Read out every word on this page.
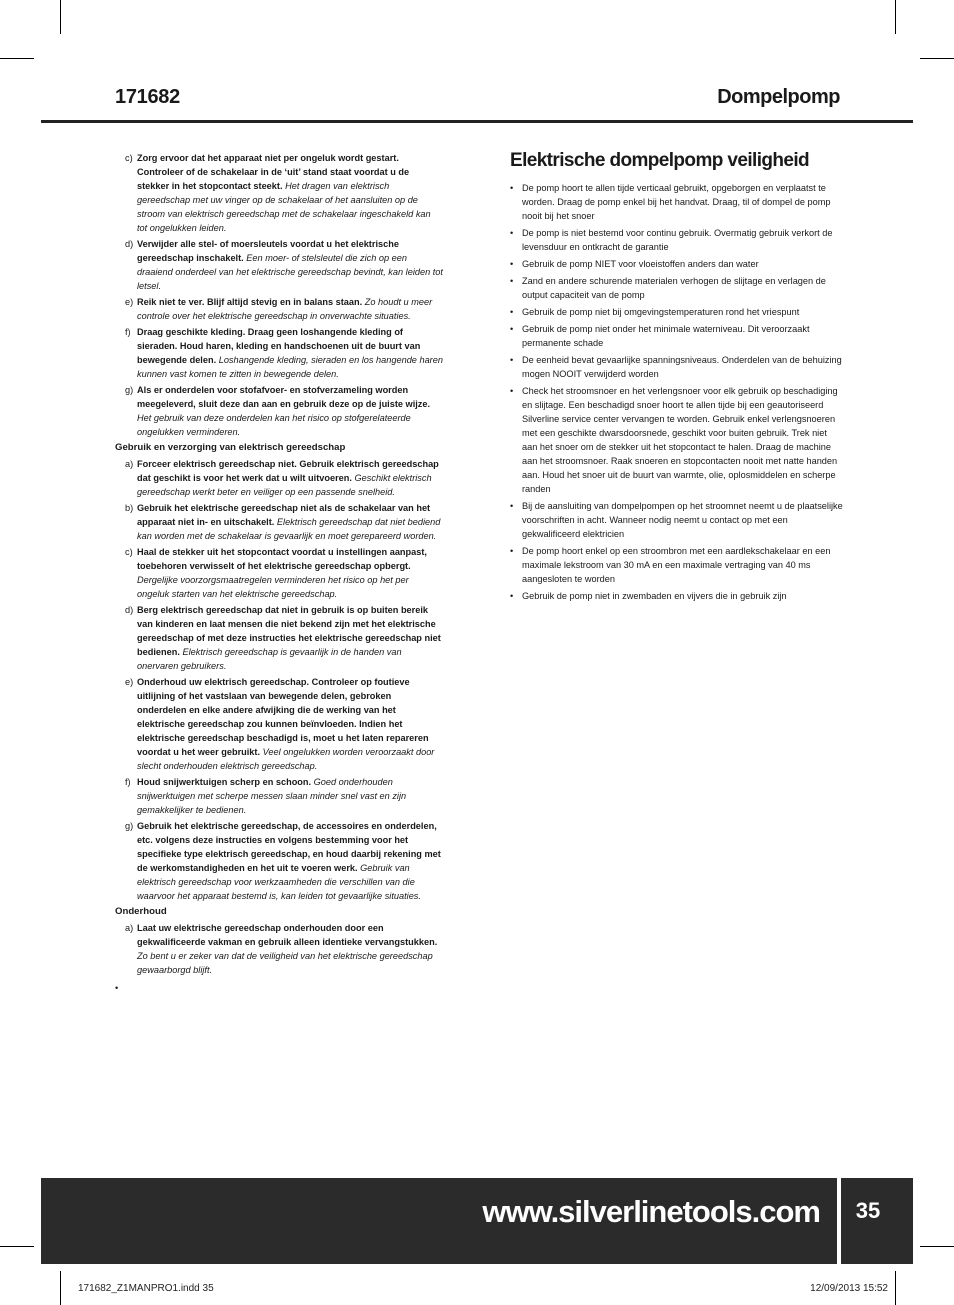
171682	Dompelpomp
c) Zorg ervoor dat het apparaat niet per ongeluk wordt gestart. Controleer of de schakelaar in de ‘uit’ stand staat voordat u de stekker in het stopcontact steekt. Het dragen van elektrisch gereedschap met uw vinger op de schakelaar of het aansluiten op de stroom van elektrisch gereedschap met de schakelaar ingeschakeld kan tot ongelukken leiden.
d) Verwijder alle stel- of moersleutels voordat u het elektrische gereedschap inschakelt. Een moer- of stelsleutel die zich op een draaiend onderdeel van het elektrische gereedschap bevindt, kan leiden tot letsel.
e) Reik niet te ver. Blijf altijd stevig en in balans staan. Zo houdt u meer controle over het elektrische gereedschap in onverwachte situaties.
f) Draag geschikte kleding. Draag geen loshangende kleding of sieraden. Houd haren, kleding en handschoenen uit de buurt van bewegende delen. Loshangende kleding, sieraden en los hangende haren kunnen vast komen te zitten in bewegende delen.
g) Als er onderdelen voor stofafvoer- en stofverzameling worden meegeleverd, sluit deze dan aan en gebruik deze op de juiste wijze. Het gebruik van deze onderdelen kan het risico op stofgerelateerde ongelukken verminderen.
Gebruik en verzorging van elektrisch gereedschap
a) Forceer elektrisch gereedschap niet. Gebruik elektrisch gereedschap dat geschikt is voor het werk dat u wilt uitvoeren. Geschikt elektrisch gereedschap werkt beter en veiliger op een passende snelheid.
b) Gebruik het elektrische gereedschap niet als de schakelaar van het apparaat niet in- en uitschakelt. Elektrisch gereedschap dat niet bediend kan worden met de schakelaar is gevaarlijk en moet gerepareerd worden.
c) Haal de stekker uit het stopcontact voordat u instellingen aanpast, toebehoren verwisselt of het elektrische gereedschap opbergt. Dergelijke voorzorgsmaatregelen verminderen het risico op het per ongeluk starten van het elektrische gereedschap.
d) Berg elektrisch gereedschap dat niet in gebruik is op buiten bereik van kinderen en laat mensen die niet bekend zijn met het elektrische gereedschap of met deze instructies het elektrische gereedschap niet bedienen. Elektrisch gereedschap is gevaarlijk in de handen van onervaren gebruikers.
e) Onderhoud uw elektrisch gereedschap. Controleer op foutieve uitlijning of het vastslaan van bewegende delen, gebroken onderdelen en elke andere afwijking die de werking van het elektrische gereedschap zou kunnen beïnvloeden. Indien het elektrische gereedschap beschadigd is, moet u het laten repareren voordat u het weer gebruikt. Veel ongelukken worden veroorzaakt door slecht onderhouden elektrisch gereedschap.
f) Houd snijwerktuigen scherp en schoon. Goed onderhouden snijwerktuigen met scherpe messen slaan minder snel vast en zijn gemakkelijker te bedienen.
g) Gebruik het elektrische gereedschap, de accessoires en onderdelen, etc. volgens deze instructies en volgens bestemming voor het specifieke type elektrisch gereedschap, en houd daarbij rekening met de werkomstandigheden en het uit te voeren werk. Gebruik van elektrisch gereedschap voor werkzaamheden die verschillen van die waarvoor het apparaat bestemd is, kan leiden tot gevaarlijke situaties.
Onderhoud
a) Laat uw elektrische gereedschap onderhouden door een gekwalificeerde vakman en gebruik alleen identieke vervangstukken. Zo bent u er zeker van dat de veiligheid van het elektrische gereedschap gewaarborgd blijft.
•
Elektrische dompelpomp veiligheid
• De pomp hoort te allen tijde verticaal gebruikt, opgeborgen en verplaatst te worden. Draag de pomp enkel bij het handvat. Draag, til of dompel de pomp nooit bij het snoer
• De pomp is niet bestemd voor continu gebruik. Overmatig gebruik verkort de levensduur en ontkracht de garantie
• Gebruik de pomp NIET voor vloeistoffen anders dan water
• Zand en andere schurende materialen verhogen de slijtage en verlagen de output capaciteit van de pomp
• Gebruik de pomp niet bij omgevingstemperaturen rond het vriespunt
• Gebruik de pomp niet onder het minimale waterniveau. Dit veroorzaakt permanente schade
• De eenheid bevat gevaarlijke spanningsniveaus. Onderdelen van de behuizing mogen NOOIT verwijderd worden
• Check het stroomsnoer en het verlengsnoer voor elk gebruik op beschadiging en slijtage. Een beschadigd snoer hoort te allen tijde bij een geautoriseerd Silverline service center vervangen te worden. Gebruik enkel verlengsnoeren met een geschikte dwarsdoorsnede, geschikt voor buiten gebruik. Trek niet aan het snoer om de stekker uit het stopcontact te halen. Draag de machine aan het stroomsnoer. Raak snoeren en stopcontacten nooit met natte handen aan. Houd het snoer uit de buurt van warmte, olie, oplosmiddelen en scherpe randen
• Bij de aansluiting van dompelpompen op het stroomnet neemt u de plaatselijke voorschriften in acht. Wanneer nodig neemt u contact op met een gekwalificeerd elektricien
• De pomp hoort enkel op een stroombron met een aardlekschakelaar en een maximale lekstroom van 30 mA en een maximale vertraging van 40 ms aangesloten te worden
• Gebruik de pomp niet in zwembaden en vijvers die in gebruik zijn
www.silverlinetools.com	35
171682_Z1MANPRO1.indd 35	12/09/2013 15:52
